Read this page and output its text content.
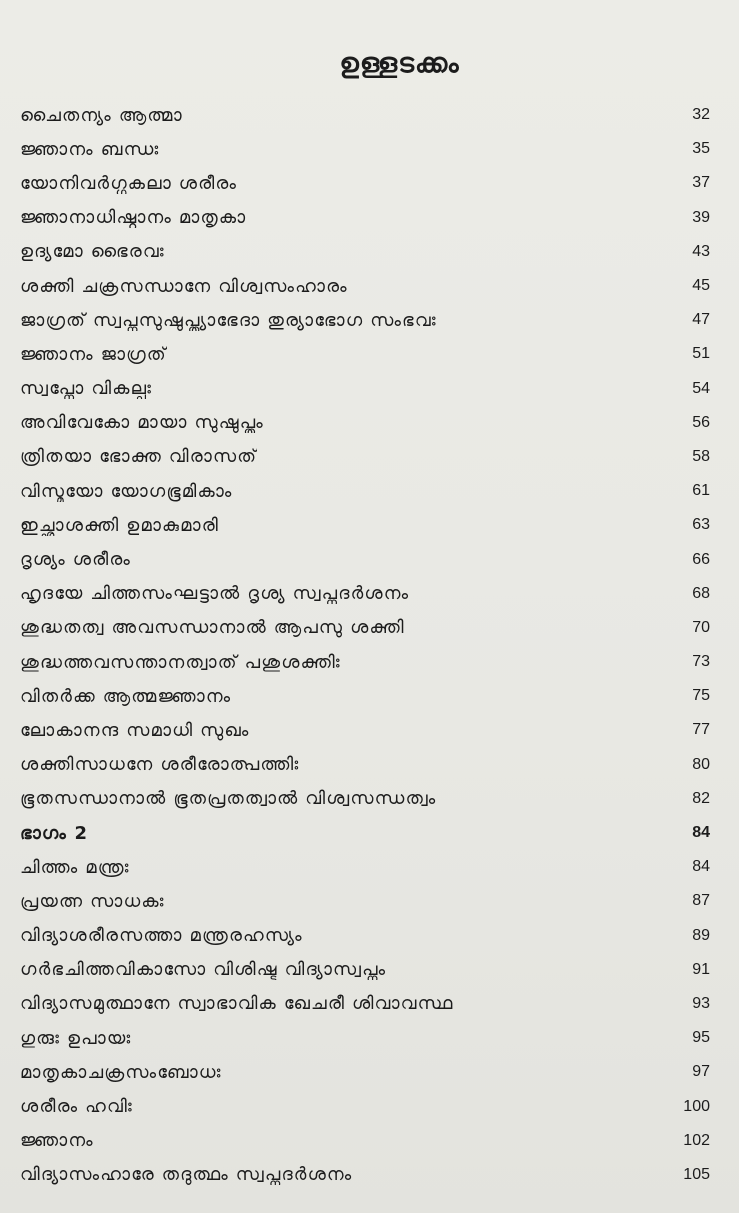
ഉള്ളടക്കം
ചൈതന്യം ആത്മാ	32
ജ്ഞാനം ബന്ധഃ	35
യോനിവർഗ്ഗകലാ ശരീരം	37
ജ്ഞാനാധിഷ്ഠാനം മാതൃകാ	39
ഉദ്യമോ ഭൈരവഃ	43
ശക്തി ചക്രസന്ധാനേ വിശ്വസംഹാരം	45
ജാഗ്രത് സ്വപ്നസുഷുപ്ത്യാഭേദാ തുര്യാഭോഗ സംഭവഃ	47
ജ്ഞാനം ജാഗ്രത്	51
സ്വപ്നോ വികല്പഃ	54
അവിവേകോ മായാ സുഷുപ്തം	56
ത്രിതയാ ഭോക്ത വിരാസത്	58
വിസ്മയോ യോഗഭൂമികാം	61
ഇച്ഛാശക്തി ഉമാകുമാരി	63
ദൃശ്യം ശരീരം	66
ഹൃദയേ ചിത്തസംഘട്ടാൽ ദൃശ്യ സ്വപ്നദർശനം	68
ശുദ്ധതത്വ അവസന്ധാനാൽ ആപസു ശക്തി	70
ശുദ്ധത്തവസന്താനത്വാത് പശുശക്തിഃ	73
വിതർക്ക ആത്മജ്ഞാനം	75
ലോകാനന്ദ സമാധി സുഖം	77
ശക്തിസാധനേ ശരീരോത്പത്തിഃ	80
ഭൂതസന്ധാനാൽ ഭൂതപ്രതത്വാൽ വിശ്വസന്ധത്വം	82
ഭാഗം 2	84
ചിത്തം മന്ത്രഃ	84
പ്രയത്ന സാധകഃ	87
വിദ്യാശരീരസത്താ മന്ത്രരഹസ്യം	89
ഗർഭചിത്തവികാസോ വിശിഷ്ട വിദ്യാസ്വപ്നം	91
വിദ്യാസമുത്ഥാനേ സ്വാഭാവിക ഖേചരീ ശിവാവസ്ഥ	93
ഗുരുഃ ഉപായഃ	95
മാതൃകാചക്രസംബോധഃ	97
ശരീരം ഹവിഃ	100
ജ്ഞാനം	102
വിദ്യാസംഹാരേ തദുത്ഥം സ്വപ്നദർശനം	105
